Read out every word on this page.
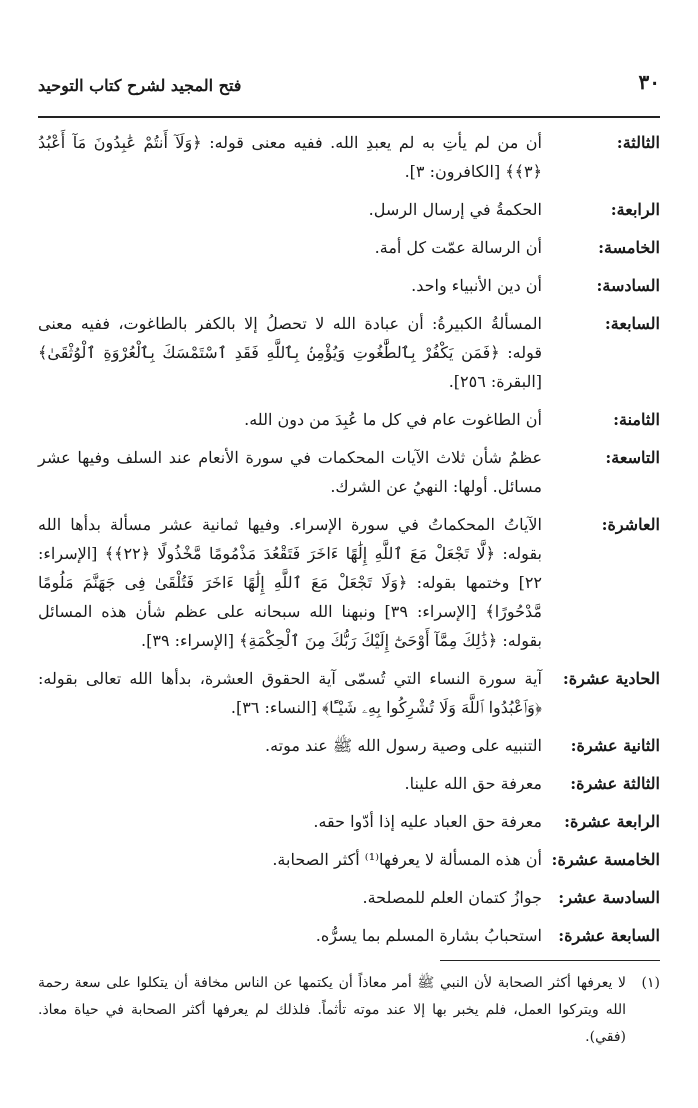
٣٠
فتح المجيد لشرح كتاب التوحيد
الثالثة:
أن من لم يأتِ به لم يعبدِ الله. ففيه معنى قوله: ﴿وَلَآ أَنتُمْ عَٰبِدُونَ مَآ أَعْبُدُ ﴿٣﴾﴾ [الكافرون: ٣].
الرابعة:
الحكمةُ في إرسال الرسل.
الخامسة:
أن الرسالة عمّت كل أمة.
السادسة:
أن دين الأنبياء واحد.
السابعة:
المسألةُ الكبيرةُ: أن عبادة الله لا تحصلُ إلا بالكفر بالطاغوت، ففيه معنى قوله: ﴿فَمَن يَكْفُرْ بِٱلطَّٰغُوتِ وَيُؤْمِنۢ بِٱللَّهِ فَقَدِ ٱسْتَمْسَكَ بِٱلْعُرْوَةِ ٱلْوُثْقَىٰ﴾ [البقرة: ٢٥٦].
الثامنة:
أن الطاغوت عام في كل ما عُبِدَ من دون الله.
التاسعة:
عظمُ شأن ثلاث الآيات المحكمات في سورة الأنعام عند السلف وفيها عشر مسائل. أولها: النهيُ عن الشرك.
العاشرة:
الآياتُ المحكماتُ في سورة الإسراء. وفيها ثمانية عشر مسألة بدأها الله بقوله: ﴿لَّا تَجْعَلْ مَعَ ٱللَّهِ إِلَٰهًا ءَاخَرَ فَتَقْعُدَ مَذْمُومًا مَّخْذُولًا ﴿٢٢﴾﴾ [الإسراء: ٢٢] وختمها بقوله: ﴿وَلَا تَجْعَلْ مَعَ ٱللَّهِ إِلَٰهًا ءَاخَرَ فَتُلْقَىٰ فِى جَهَنَّمَ مَلُومًا مَّدْحُورًا﴾ [الإسراء: ٣٩] ونبهنا الله سبحانه على عظم شأن هذه المسائل بقوله: ﴿ذَٰلِكَ مِمَّآ أَوْحَىٰٓ إِلَيْكَ رَبُّكَ مِنَ ٱلْحِكْمَةِ﴾ [الإسراء: ٣٩].
الحادية عشرة:
آية سورة النساء التي تُسمّى آية الحقوق العشرة، بدأها الله تعالى بقوله: ﴿وَٱعْبُدُوا ٱللَّهَ وَلَا تُشْرِكُوا بِهِۦ شَيْـًٔا﴾ [النساء: ٣٦].
الثانية عشرة:
التنبيه على وصية رسول الله ﷺ عند موته.
الثالثة عشرة:
معرفة حق الله علينا.
الرابعة عشرة:
معرفة حق العباد عليه إذا أدّوا حقه.
الخامسة عشرة:
أن هذه المسألة لا يعرفها⁽¹⁾ أكثر الصحابة.
السادسة عشر:
جوازُ كتمان العلم للمصلحة.
السابعة عشرة:
استحبابُ بشارة المسلم بما يسرُّه.
(١)
لا يعرفها أكثر الصحابة لأن النبي ﷺ أمر معاذاً أن يكتمها عن الناس مخافة أن يتكلوا على سعة رحمة الله ويتركوا العمل، فلم يخبر بها إلا عند موته تأثماً. فلذلك لم يعرفها أكثر الصحابة في حياة معاذ. (فقي).
